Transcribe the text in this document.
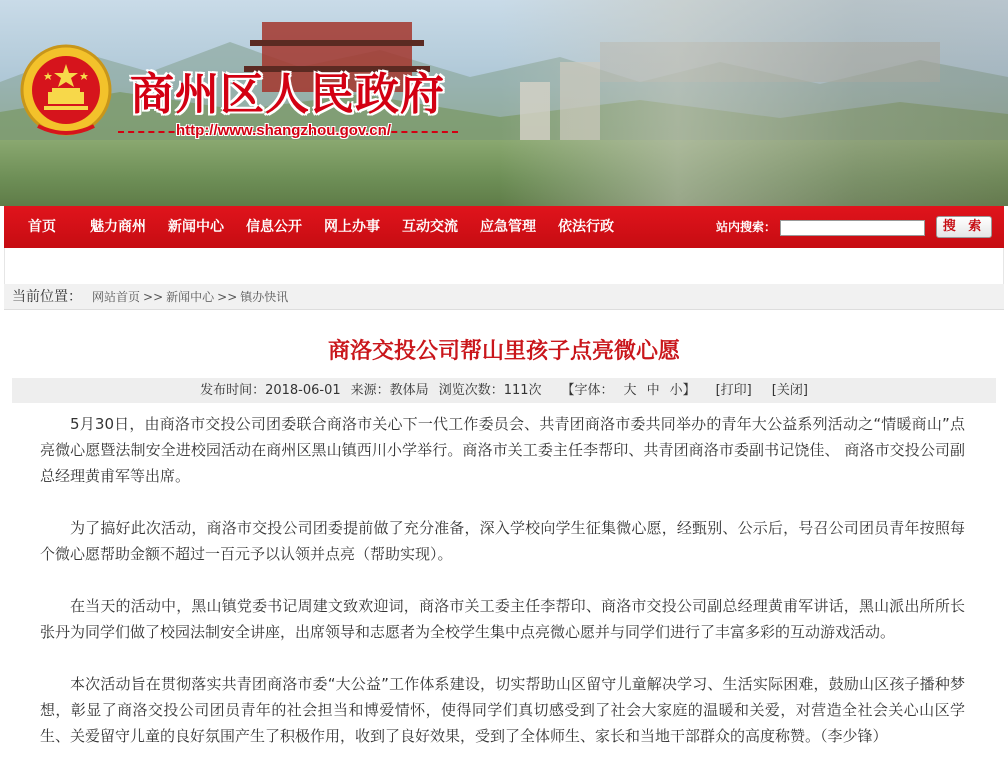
商州区人民政府
http://www.shangzhou.gov.cn/
首页 魅力商州 新闻中心 信息公开 网上办事 互动交流 应急管理 依法行政	站内搜索：	搜 索
当前位置： 网站首页 >> 新闻中心 >> 镇办快讯
商洛交投公司帮山里孩子点亮微心愿
发布时间：2018-06-01 来源：教体局 浏览次数：111次 【字体： 大 中 小】 [打印] [关闭]

5月30日，由商洛市交投公司团委联合商洛市关心下一代工作委员会、共青团商洛市委共同举办的青年大公益系列活动之“情暖商山”点亮微心愿暨法制安全进校园活动在商州区黑山镇西川小学举行。商洛市关工委主任李帮印、共青团商洛市委副书记饶佳、 商洛市交投公司副总经理黄甫军等出席。

为了搞好此次活动，商洛市交投公司团委提前做了充分准备，深入学校向学生征集微心愿，经甄别、公示后，号召公司团员青年按照每个微心愿帮助金额不超过一百元予以认领并点亮（帮助实现）。

在当天的活动中，黑山镇党委书记周建文致欢迎词，商洛市关工委主任李帮印、商洛市交投公司副总经理黄甫军讲话，黑山派出所所长张丹为同学们做了校园法制安全讲座，出席领导和志愿者为全校学生集中点亮微心愿并与同学们进行了丰富多彩的互动游戏活动。

本次活动旨在贯彻落实共青团商洛市委“大公益”工作体系建设，切实帮助山区留守儿童解决学习、生活实际困难，鼓励山区孩子播种梦想，彰显了商洛交投公司团员青年的社会担当和博爱情怀，使得同学们真切感受到了社会大家庭的温暖和关爱，对营造全社会关心山区学生、关爱留守儿童的良好氛围产生了积极作用，收到了良好效果，受到了全体师生、家长和当地干部群众的高度称赞。（李少锋）
